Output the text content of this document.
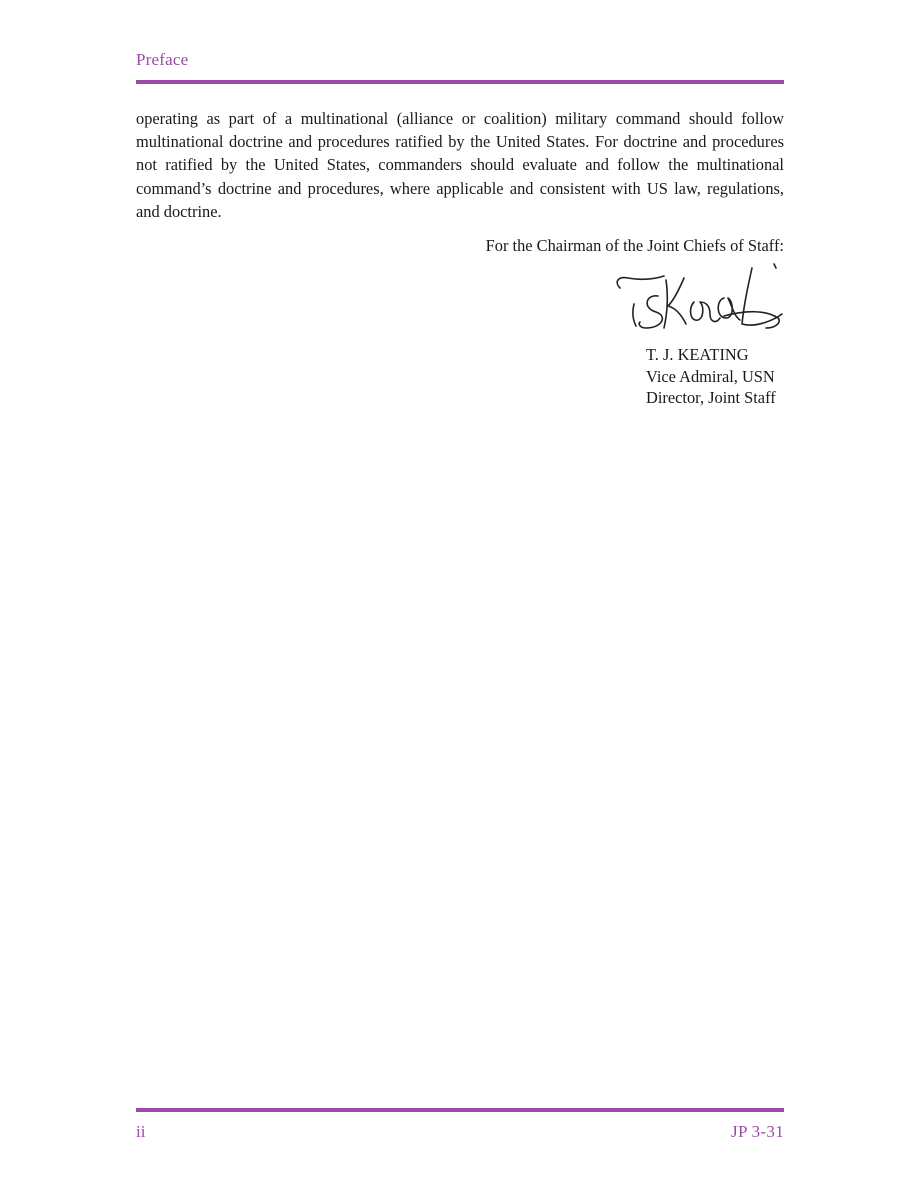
Preface

operating as part of a multinational (alliance or coalition) military command should follow multinational doctrine and procedures ratified by the United States. For doctrine and procedures not ratified by the United States, commanders should evaluate and follow the multinational command’s doctrine and procedures, where applicable and consistent with US law, regulations, and doctrine.

For the Chairman of the Joint Chiefs of Staff:

T. J. KEATING
Vice Admiral, USN
Director, Joint Staff
ii	JP 3-31
